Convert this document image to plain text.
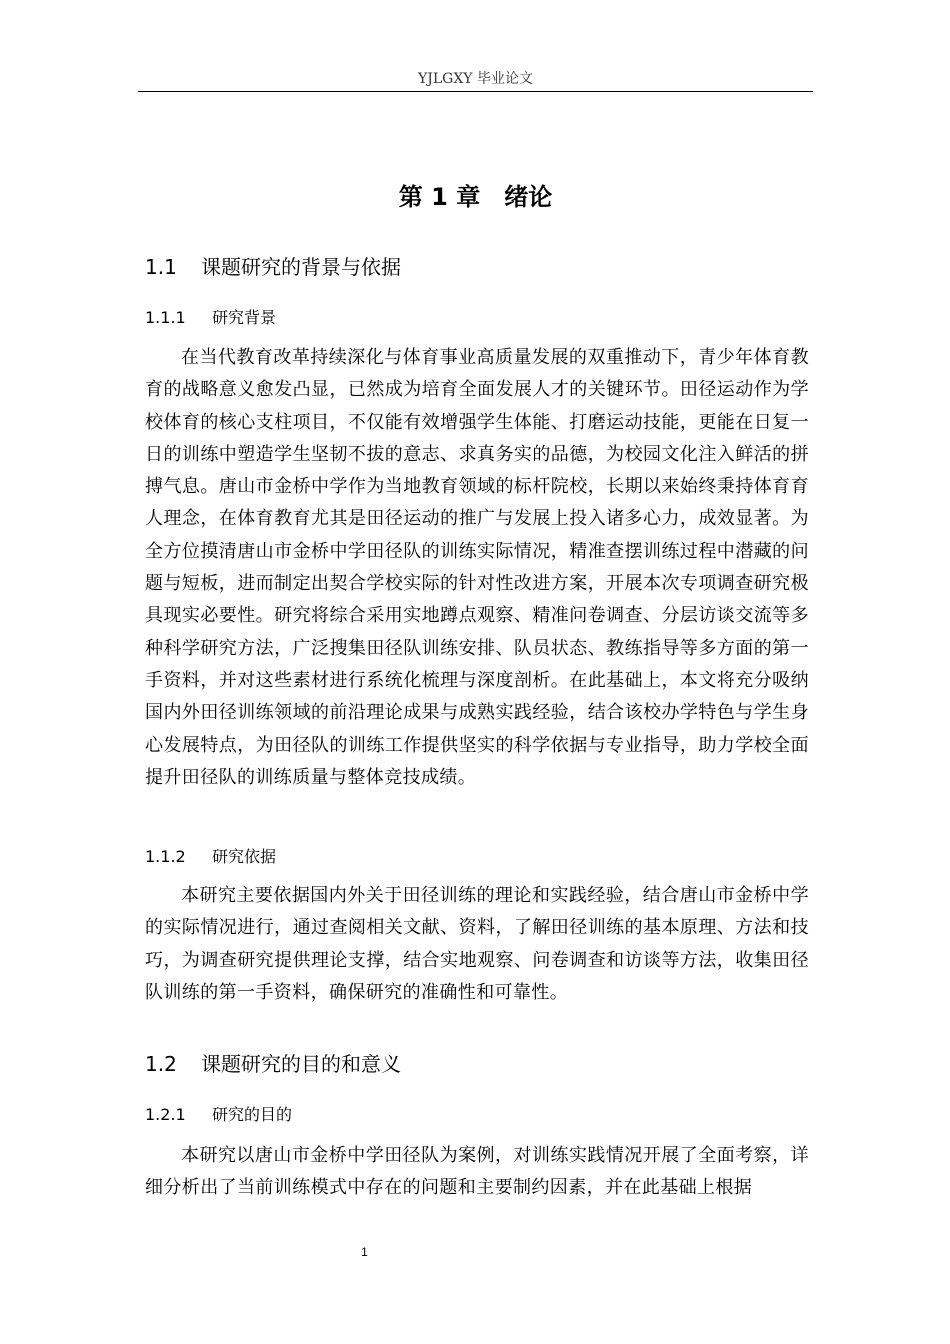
YJLGXY 毕业论文
第 1 章　绪论
1.1 课题研究的背景与依据
1.1.1 研究背景

在当代教育改革持续深化与体育事业高质量发展的双重推动下，青少年体育教育的战略意义愈发凸显，已然成为培育全面发展人才的关键环节。田径运动作为学校体育的核心支柱项目，不仅能有效增强学生体能、打磨运动技能，更能在日复一日的训练中塑造学生坚韧不拔的意志、求真务实的品德，为校园文化注入鲜活的拼搏气息。唐山市金桥中学作为当地教育领域的标杆院校，长期以来始终秉持体育育人理念，在体育教育尤其是田径运动的推广与发展上投入诸多心力，成效显著。为全方位摸清唐山市金桥中学田径队的训练实际情况，精准查摆训练过程中潜藏的问题与短板，进而制定出契合学校实际的针对性改进方案，开展本次专项调查研究极具现实必要性。研究将综合采用实地蹲点观察、精准问卷调查、分层访谈交流等多种科学研究方法，广泛搜集田径队训练安排、队员状态、教练指导等多方面的第一手资料，并对这些素材进行系统化梳理与深度剖析。在此基础上，本文将充分吸纳国内外田径训练领域的前沿理论成果与成熟实践经验，结合该校办学特色与学生身心发展特点，为田径队的训练工作提供坚实的科学依据与专业指导，助力学校全面提升田径队的训练质量与整体竞技成绩。

1.1.2 研究依据

本研究主要依据国内外关于田径训练的理论和实践经验，结合唐山市金桥中学的实际情况进行，通过查阅相关文献、资料，了解田径训练的基本原理、方法和技巧，为调查研究提供理论支撑，结合实地观察、问卷调查和访谈等方法，收集田径队训练的第一手资料，确保研究的准确性和可靠性。

1.2 课题研究的目的和意义
1.2.1 研究的目的

本研究以唐山市金桥中学田径队为案例，对训练实践情况开展了全面考察，详细分析出了当前训练模式中存在的问题和主要制约因素，并在此基础上根据

1
